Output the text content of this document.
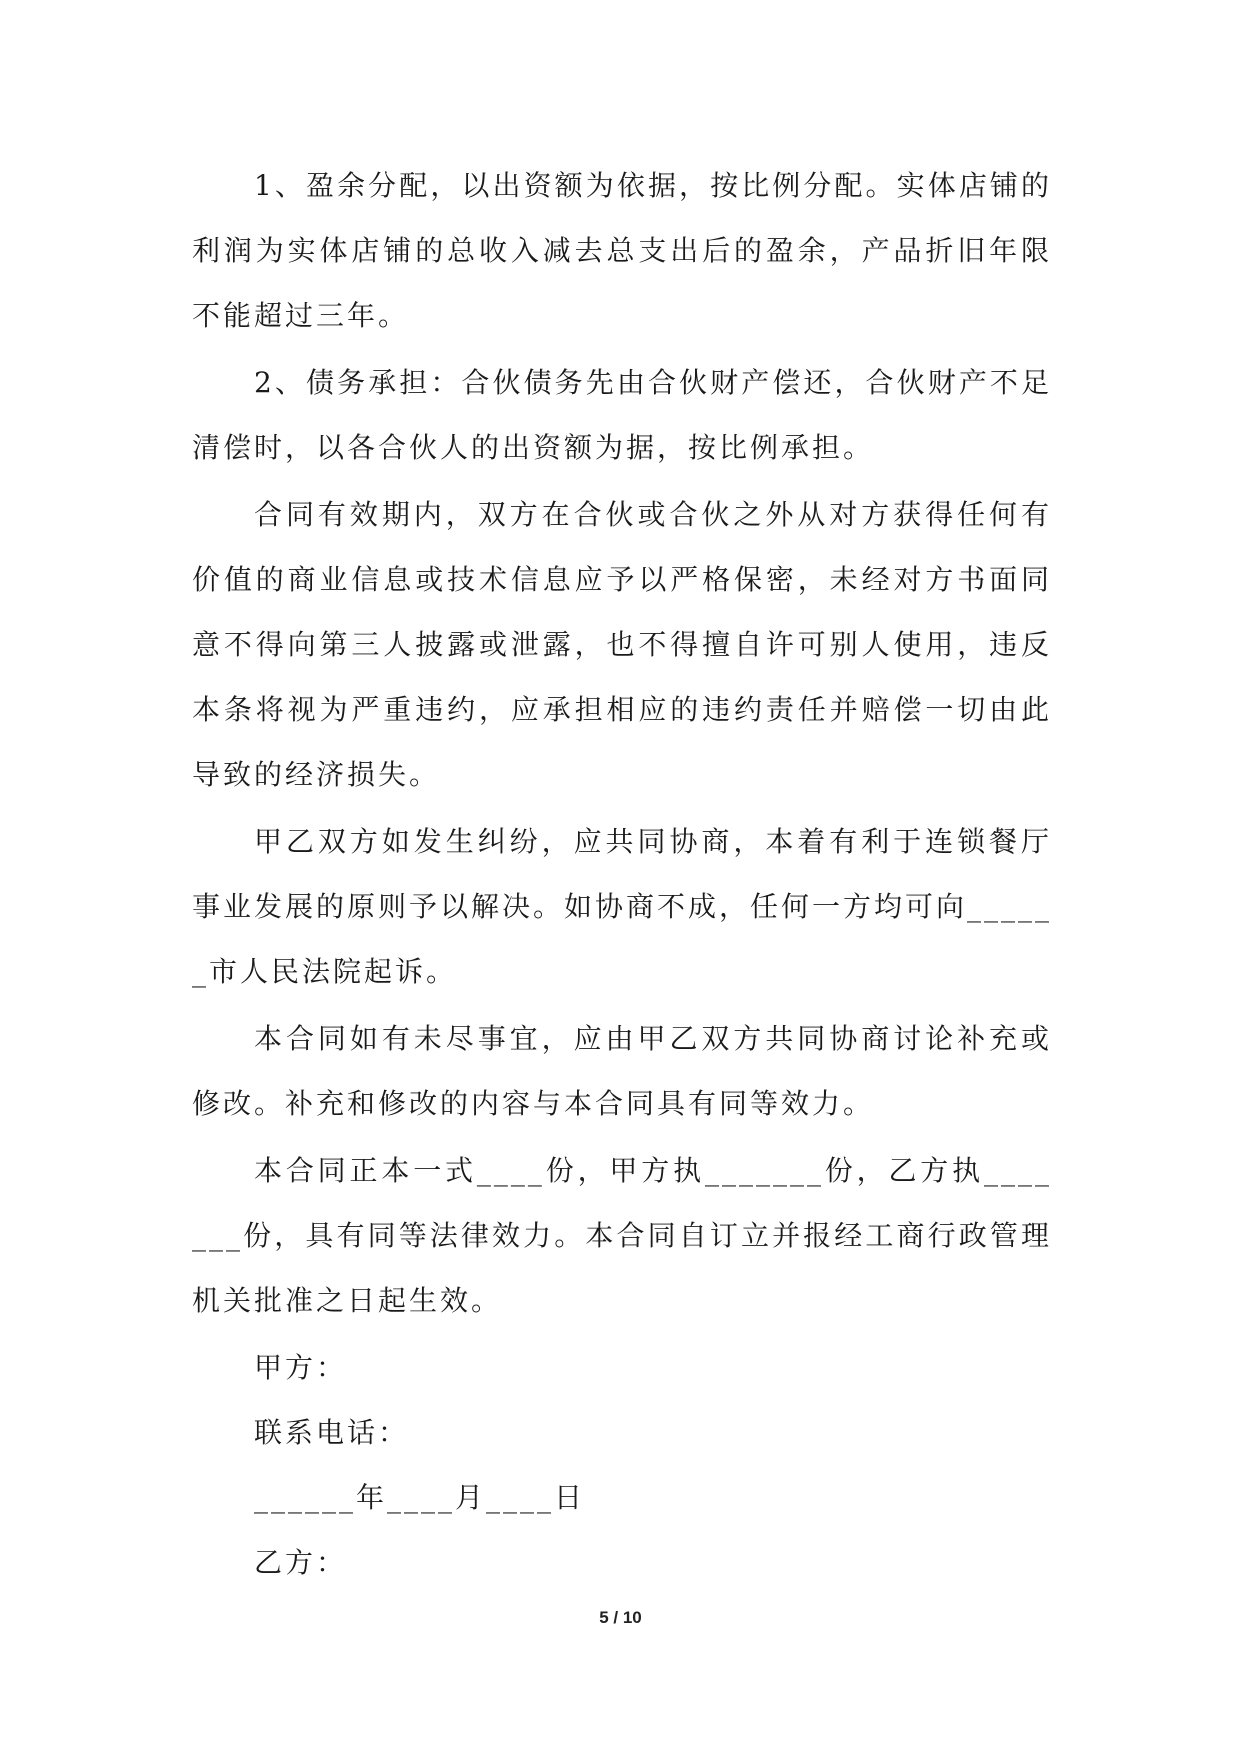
1、盈余分配，以出资额为依据，按比例分配。实体店铺的利润为实体店铺的总收入减去总支出后的盈余，产品折旧年限不能超过三年。

2、债务承担：合伙债务先由合伙财产偿还，合伙财产不足清偿时，以各合伙人的出资额为据，按比例承担。

合同有效期内，双方在合伙或合伙之外从对方获得任何有价值的商业信息或技术信息应予以严格保密，未经对方书面同意不得向第三人披露或泄露，也不得擅自许可别人使用，违反本条将视为严重违约，应承担相应的违约责任并赔偿一切由此导致的经济损失。

甲乙双方如发生纠纷，应共同协商，本着有利于连锁餐厅事业发展的原则予以解决。如协商不成，任何一方均可向______市人民法院起诉。

本合同如有未尽事宜，应由甲乙双方共同协商讨论补充或修改。补充和修改的内容与本合同具有同等效力。

本合同正本一式____份，甲方执_______份，乙方执_______份，具有同等法律效力。本合同自订立并报经工商行政管理机关批准之日起生效。

甲方：

联系电话：

______年____月____日

乙方：

5 / 10
